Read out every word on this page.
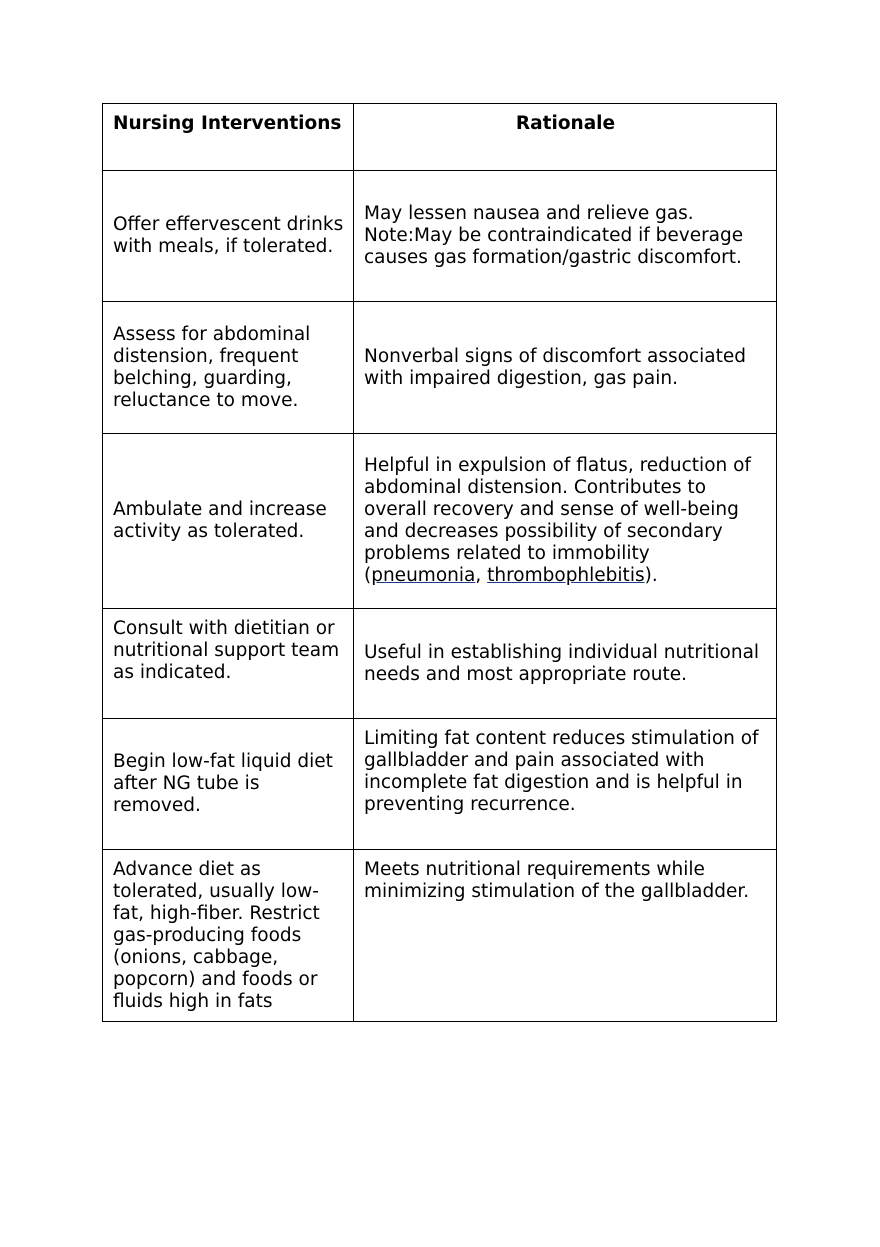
Nursing Interventions	Rationale
Offer effervescent drinks with meals, if tolerated.	May lessen nausea and relieve gas. Note:May be contraindicated if beverage causes gas formation/gastric discomfort.
Assess for abdominal distension, frequent belching, guarding, reluctance to move.	Nonverbal signs of discomfort associated with impaired digestion, gas pain.
Ambulate and increase activity as tolerated.	Helpful in expulsion of flatus, reduction of abdominal distension. Contributes to overall recovery and sense of well-being and decreases possibility of secondary problems related to immobility (pneumonia, thrombophlebitis).
Consult with dietitian or nutritional support team as indicated.	Useful in establishing individual nutritional needs and most appropriate route.
Begin low-fat liquid diet after NG tube is removed.	Limiting fat content reduces stimulation of gallbladder and pain associated with incomplete fat digestion and is helpful in preventing recurrence.
Advance diet as tolerated, usually low-fat, high-fiber. Restrict gas-producing foods (onions, cabbage, popcorn) and foods or fluids high in fats	Meets nutritional requirements while minimizing stimulation of the gallbladder.
